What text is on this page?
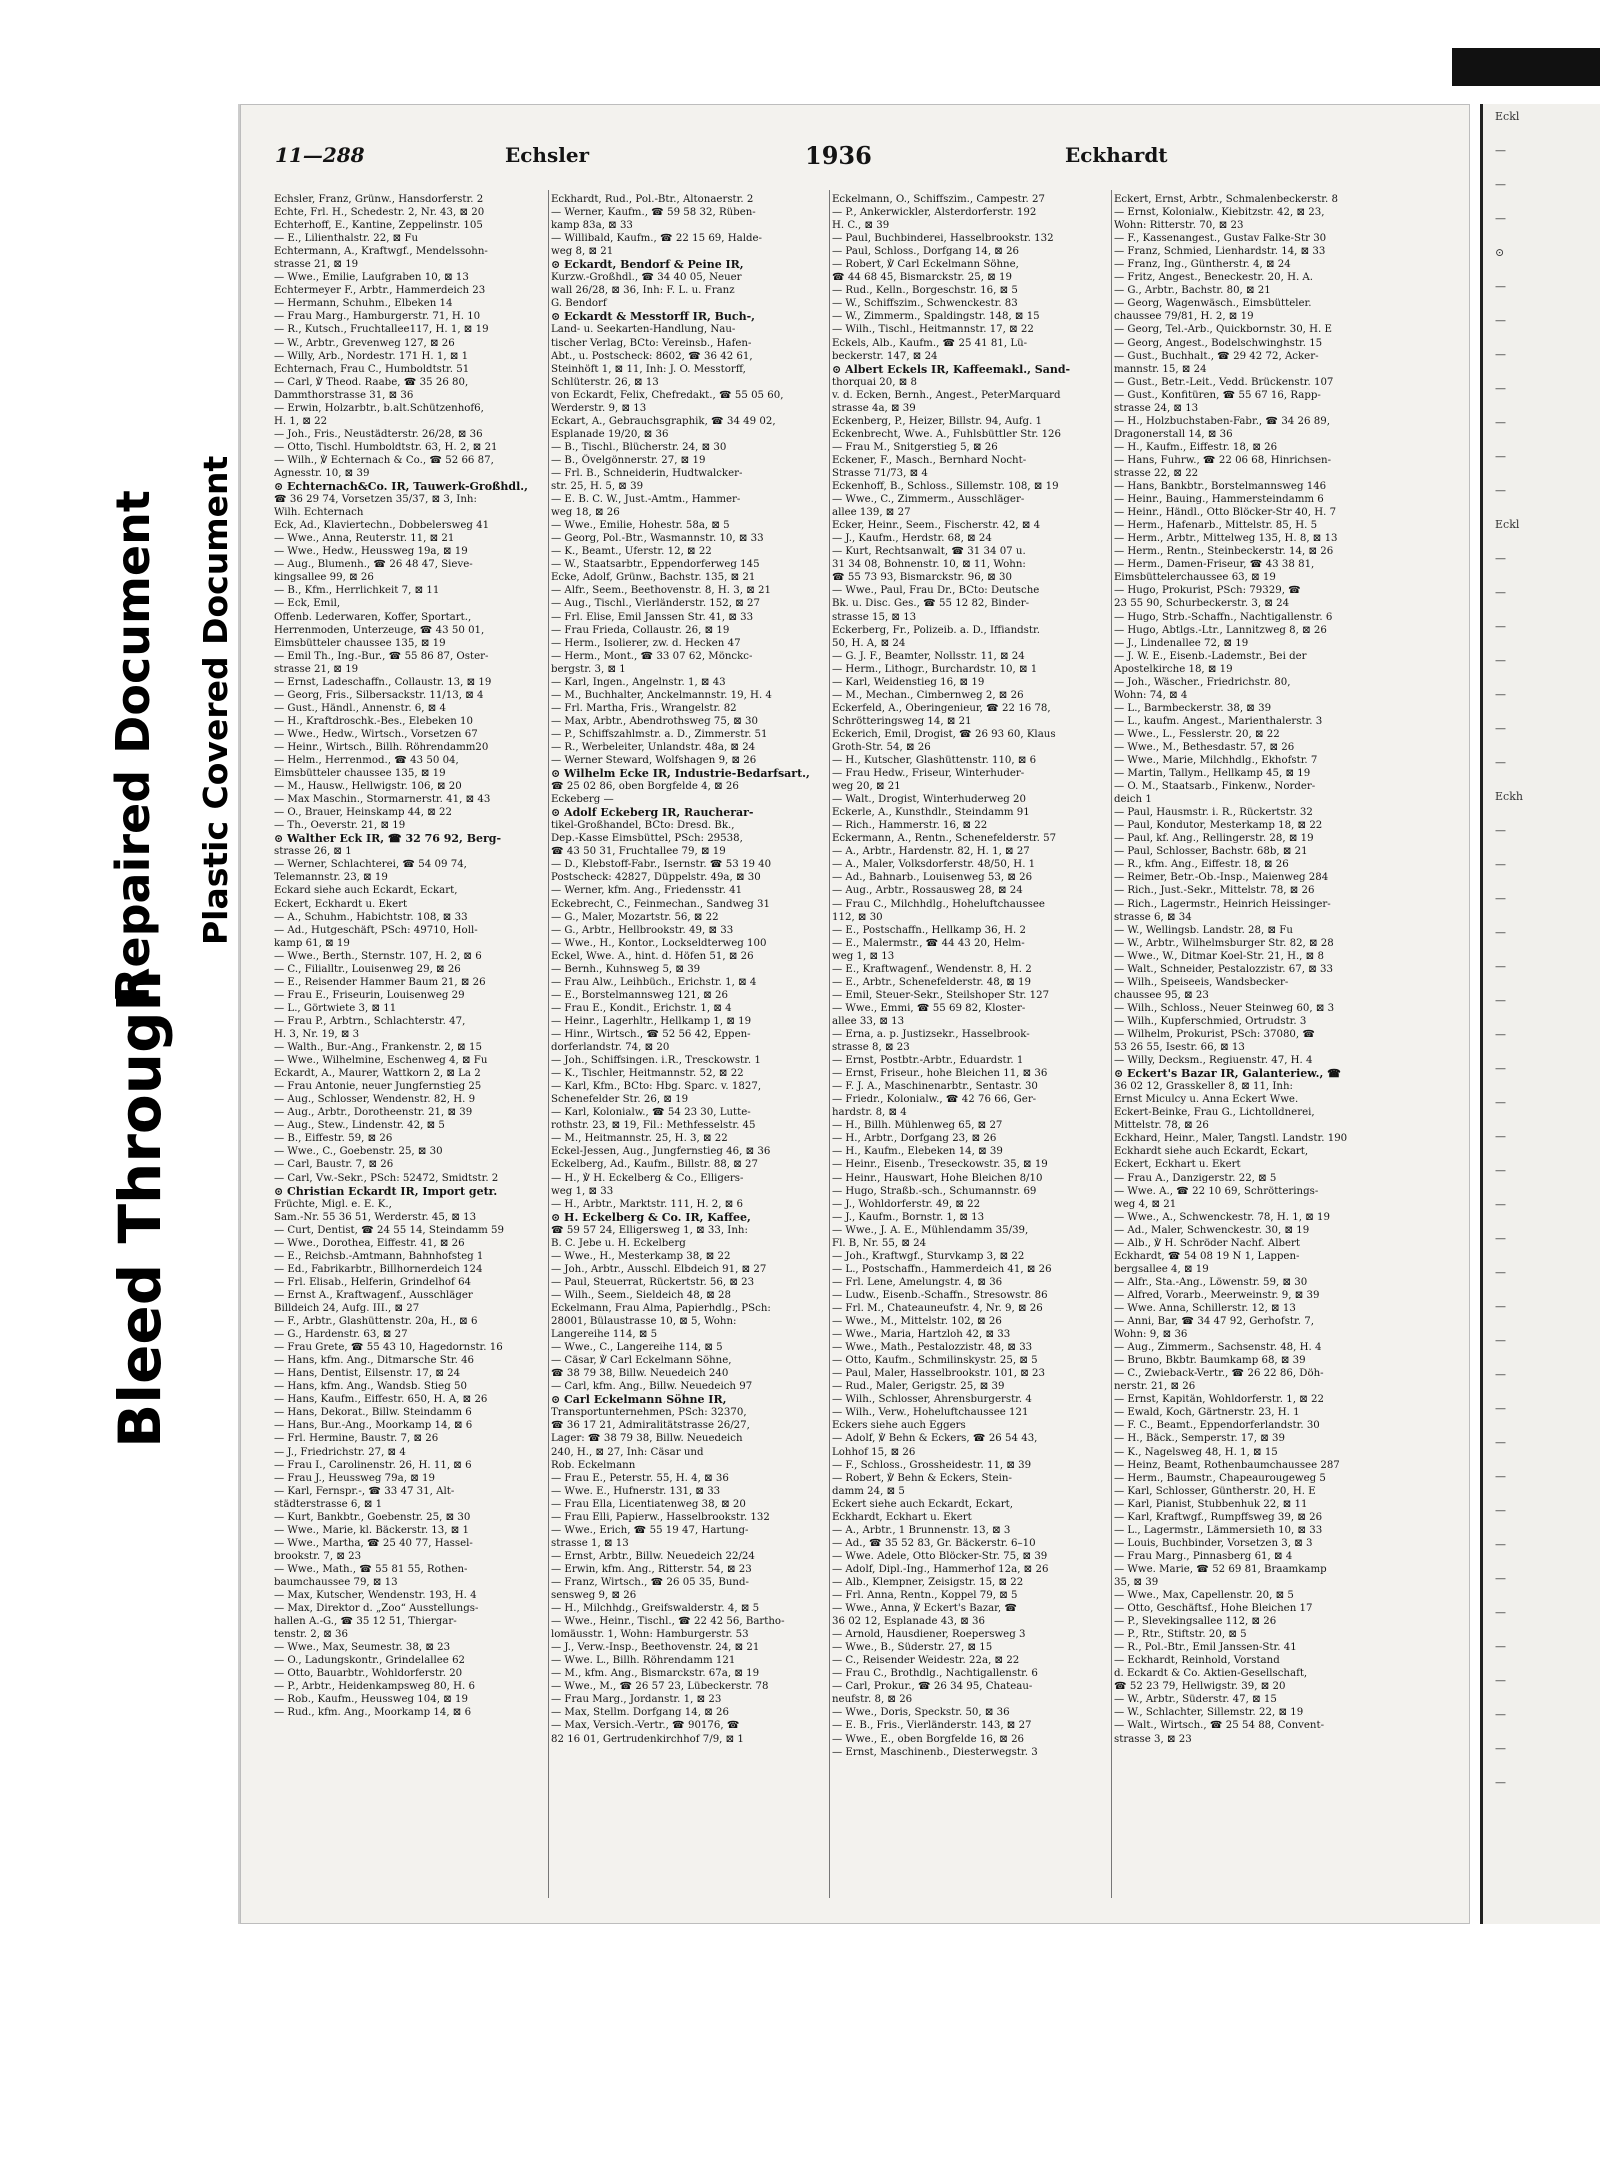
Eckl
—
—
—
⊙
—
—
—
—
—
—
—
Eckl
—
—
—
—
—
—
—
Eckh
—
—
—
—
—
—
—
—
—
—
—
—
—
—
—
—
—
—
—
—
—
—
—
—
—
—
—
—
—
Bleed Through
Repaired Document Plastic Covered Document
11—288	Echsler	1936	Eckhardt
Echsler, Franz, Grünw., Hansdorferstr. 2
Echte, Frl. H., Schedestr. 2, Nr. 43, ⊠ 20
Echterhoff, E., Kantine, Zeppelinstr. 105
— E., Lilienthalstr. 22, ⊠ Fu
Echtermann, A., Kraftwgf., Mendelssohn-
strasse 21, ⊠ 19
— Wwe., Emilie, Laufgraben 10, ⊠ 13
Echtermeyer F., Arbtr., Hammerdeich 23
— Hermann, Schuhm., Elbeken 14
— Frau Marg., Hamburgerstr. 71, H. 10
— R., Kutsch., Fruchtallee117, H. 1, ⊠ 19
— W., Arbtr., Grevenweg 127, ⊠ 26
— Willy, Arb., Nordestr. 171 H. 1, ⊠ 1
Echternach, Frau C., Humboldtstr. 51
— Carl, ℣ Theod. Raabe, ☎ 35 26 80,
Dammthorstrasse 31, ⊠ 36
— Erwin, Holzarbtr., b.alt.Schützenhof6,
H. 1, ⊠ 22
— Joh., Fris., Neustädterstr. 26/28, ⊠ 36
— Otto, Tischl. Humboldtstr. 63, H. 2, ⊠ 21
— Wilh., ℣ Echternach & Co., ☎ 52 66 87,
Agnesstr. 10, ⊠ 39
⊙ Echternach&Co. IR, Tauwerk-Großhdl.,
☎ 36 29 74, Vorsetzen 35/37, ⊠ 3, Inh:
Wilh. Echternach
Eck, Ad., Klaviertechn., Dobbelersweg 41
— Wwe., Anna, Reuterstr. 11, ⊠ 21
— Wwe., Hedw., Heussweg 19a, ⊠ 19
— Aug., Blumenh., ☎ 26 48 47, Sieve-
kingsallee 99, ⊠ 26
— B., Kfm., Herrlichkeit 7, ⊠ 11
— Eck, Emil,
Offenb. Lederwaren, Koffer, Sportart.,
Herrenmoden, Unterzeuge, ☎ 43 50 01,
Eimsbütteler chaussee 135, ⊠ 19
— Emil Th., Ing.-Bur., ☎ 55 86 87, Oster-
strasse 21, ⊠ 19
— Ernst, Ladeschaffn., Collaustr. 13, ⊠ 19
— Georg, Fris., Silbersackstr. 11/13, ⊠ 4
— Gust., Händl., Annenstr. 6, ⊠ 4
— H., Kraftdroschk.-Bes., Elebeken 10
— Wwe., Hedw., Wirtsch., Vorsetzen 67
— Heinr., Wirtsch., Billh. Röhrendamm20
— Helm., Herrenmod., ☎ 43 50 04,
Eimsbütteler chaussee 135, ⊠ 19
— M., Hausw., Hellwigstr. 106, ⊠ 20
— Max Maschin., Stormarnerstr. 41, ⊠ 43
— O., Brauer, Heinskamp 44, ⊠ 22
— Th., Oeverstr. 21, ⊠ 19
⊙ Walther Eck IR, ☎ 32 76 92, Berg-
strasse 26, ⊠ 1
— Werner, Schlachterei, ☎ 54 09 74,
Telemannstr. 23, ⊠ 19
Eckard siehe auch Eckardt, Eckart,
Eckert, Eckhardt u. Ekert
— A., Schuhm., Habichtstr. 108, ⊠ 33
— Ad., Hutgeschäft, PSch: 49710, Holl-
kamp 61, ⊠ 19
— Wwe., Berth., Sternstr. 107, H. 2, ⊠ 6
— C., Filialltr., Louisenweg 29, ⊠ 26
— E., Reisender Hammer Baum 21, ⊠ 26
— Frau E., Friseurin, Louisenweg 29
— L., Görtwiete 3, ⊠ 11
— Frau P., Arbtrn., Schlachterstr. 47,
H. 3, Nr. 19, ⊠ 3
— Walth., Bur.-Ang., Frankenstr. 2, ⊠ 15
— Wwe., Wilhelmine, Eschenweg 4, ⊠ Fu
Eckardt, A., Maurer, Wattkorn 2, ⊠ La 2
— Frau Antonie, neuer Jungfernstieg 25
— Aug., Schlosser, Wendenstr. 82, H. 9
— Aug., Arbtr., Dorotheenstr. 21, ⊠ 39
— Aug., Stew., Lindenstr. 42, ⊠ 5
— B., Eiffestr. 59, ⊠ 26
— Wwe., C., Goebenstr. 25, ⊠ 30
— Carl, Baustr. 7, ⊠ 26
— Carl, Vw.-Sekr., PSch: 52472, Smidtstr. 2
⊙ Christian Eckardt IR, Import getr.
Früchte, Migl. e. E. K.,
Sam.-Nr. 55 36 51, Werderstr. 45, ⊠ 13
— Curt, Dentist, ☎ 24 55 14, Steindamm 59
— Wwe., Dorothea, Eiffestr. 41, ⊠ 26
— E., Reichsb.-Amtmann, Bahnhofsteg 1
— Ed., Fabrikarbtr., Billhornerdeich 124
— Frl. Elisab., Helferin, Grindelhof 64
— Ernst A., Kraftwagenf., Ausschläger
Billdeich 24, Aufg. III., ⊠ 27
— F., Arbtr., Glashüttenstr. 20a, H., ⊠ 6
— G., Hardenstr. 63, ⊠ 27
— Frau Grete, ☎ 55 43 10, Hagedornstr. 16
— Hans, kfm. Ang., Ditmarsche Str. 46
— Hans, Dentist, Eilsenstr. 17, ⊠ 24
— Hans, kfm. Ang., Wandsb. Stieg 50
— Hans, Kaufm., Eiffestr. 650, H. A, ⊠ 26
— Hans, Dekorat., Billw. Steindamm 6
— Hans, Bur.-Ang., Moorkamp 14, ⊠ 6
— Frl. Hermine, Baustr. 7, ⊠ 26
— J., Friedrichstr. 27, ⊠ 4
— Frau I., Carolinenstr. 26, H. 11, ⊠ 6
— Frau J., Heussweg 79a, ⊠ 19
— Karl, Fernspr.-, ☎ 33 47 31, Alt-
städterstrasse 6, ⊠ 1
— Kurt, Bankbtr., Goebenstr. 25, ⊠ 30
— Wwe., Marie, kl. Bäckerstr. 13, ⊠ 1
— Wwe., Martha, ☎ 25 40 77, Hassel-
brookstr. 7, ⊠ 23
— Wwe., Math., ☎ 55 81 55, Rothen-
baumchaussee 79, ⊠ 13
— Max, Kutscher, Wendenstr. 193, H. 4
— Max, Direktor d. „Zoo“ Ausstellungs-
hallen A.-G., ☎ 35 12 51, Thiergar-
tenstr. 2, ⊠ 36
— Wwe., Max, Seumestr. 38, ⊠ 23
— O., Ladungskontr., Grindelallee 62
— Otto, Bauarbtr., Wohldorferstr. 20
— P., Arbtr., Heidenkampsweg 80, H. 6
— Rob., Kaufm., Heussweg 104, ⊠ 19
— Rud., kfm. Ang., Moorkamp 14, ⊠ 6
Eckhardt, Rud., Pol.-Btr., Altonaerstr. 2
— Werner, Kaufm., ☎ 59 58 32, Rüben-
kamp 83a, ⊠ 33
— Willibald, Kaufm., ☎ 22 15 69, Halde-
weg 8, ⊠ 21
⊙ Eckardt, Bendorf & Peine IR,
Kurzw.-Großhdl., ☎ 34 40 05, Neuer
wall 26/28, ⊠ 36, Inh: F. L. u. Franz
G. Bendorf
⊙ Eckardt & Messtorff IR, Buch-,
Land- u. Seekarten-Handlung, Nau-
tischer Verlag, BCto: Vereinsb., Hafen-
Abt., u. Postscheck: 8602, ☎ 36 42 61,
Steinhöft 1, ⊠ 11, Inh: J. O. Messtorff,
Schlüterstr. 26, ⊠ 13
von Eckardt, Felix, Chefredakt., ☎ 55 05 60,
Werderstr. 9, ⊠ 13
Eckart, A., Gebrauchsgraphik, ☎ 34 49 02,
Esplanade 19/20, ⊠ 36
— B., Tischl., Blücherstr. 24, ⊠ 30
— B., Övelgönnerstr. 27, ⊠ 19
— Frl. B., Schneiderin, Hudtwalcker-
str. 25, H. 5, ⊠ 39
— E. B. C. W., Just.-Amtm., Hammer-
weg 18, ⊠ 26
— Wwe., Emilie, Hohestr. 58a, ⊠ 5
— Georg, Pol.-Btr., Wasmannstr. 10, ⊠ 33
— K., Beamt., Uferstr. 12, ⊠ 22
— W., Staatsarbtr., Eppendorferweg 145
Ecke, Adolf, Grünw., Bachstr. 135, ⊠ 21
— Alfr., Seem., Beethovenstr. 8, H. 3, ⊠ 21
— Aug., Tischl., Vierländerstr. 152, ⊠ 27
— Frl. Elise, Emil Janssen Str. 41, ⊠ 33
— Frau Frieda, Collaustr. 26, ⊠ 19
— Herm., Isolierer, zw. d. Hecken 47
— Herm., Mont., ☎ 33 07 62, Mönckc-
bergstr. 3, ⊠ 1
— Karl, Ingen., Angelnstr. 1, ⊠ 43
— M., Buchhalter, Anckelmannstr. 19, H. 4
— Frl. Martha, Fris., Wrangelstr. 82
— Max, Arbtr., Abendrothsweg 75, ⊠ 30
— P., Schiffszahlmstr. a. D., Zimmerstr. 51
— R., Werbeleiter, Unlandstr. 48a, ⊠ 24
— Werner Steward, Wolfshagen 9, ⊠ 26
⊙ Wilhelm Ecke IR, Industrie-Bedarfsart.,
☎ 25 02 86, oben Borgfelde 4, ⊠ 26
Eckeberg —
⊙ Adolf Eckeberg IR, Raucherar-
tikel-Großhandel, BCto: Dresd. Bk.,
Dep.-Kasse Eimsbüttel, PSch: 29538,
☎ 43 50 31, Fruchtallee 79, ⊠ 19
— D., Klebstoff-Fabr., Isernstr. ☎ 53 19 40
Postscheck: 42827, Düppelstr. 49a, ⊠ 30
— Werner, kfm. Ang., Friedensstr. 41
Eckebrecht, C., Feinmechan., Sandweg 31
— G., Maler, Mozartstr. 56, ⊠ 22
— G., Arbtr., Hellbrookstr. 49, ⊠ 33
— Wwe., H., Kontor., Lockseldterweg 100
Eckel, Wwe. A., hint. d. Höfen 51, ⊠ 26
— Bernh., Kuhnsweg 5, ⊠ 39
— Frau Alw., Leihbüch., Erichstr. 1, ⊠ 4
— E., Borstelmannsweg 121, ⊠ 26
— Frau E., Kondit., Erichstr. 1, ⊠ 4
— Heinr., Lagerhltr., Hellkamp 1, ⊠ 19
— Hinr., Wirtsch., ☎ 52 56 42, Eppen-
dorferlandstr. 74, ⊠ 20
— Joh., Schiffsingen. i.R., Tresckowstr. 1
— K., Tischler, Heitmannstr. 52, ⊠ 22
— Karl, Kfm., BCto: Hbg. Sparc. v. 1827,
Schenefelder Str. 26, ⊠ 19
— Karl, Kolonialw., ☎ 54 23 30, Lutte-
rothstr. 23, ⊠ 19, Fil.: Methfesselstr. 45
— M., Heitmannstr. 25, H. 3, ⊠ 22
Eckel-Jessen, Aug., Jungfernstieg 46, ⊠ 36
Eckelberg, Ad., Kaufm., Billstr. 88, ⊠ 27
— H., ℣ H. Eckelberg & Co., Elligers-
weg 1, ⊠ 33
— H., Arbtr., Marktstr. 111, H. 2, ⊠ 6
⊙ H. Eckelberg & Co. IR, Kaffee,
☎ 59 57 24, Elligersweg 1, ⊠ 33, Inh:
B. C. Jebe u. H. Eckelberg
— Wwe., H., Mesterkamp 38, ⊠ 22
— Joh., Arbtr., Ausschl. Elbdeich 91, ⊠ 27
— Paul, Steuerrat, Rückertstr. 56, ⊠ 23
— Wilh., Seem., Sieldeich 48, ⊠ 28
Eckelmann, Frau Alma, Papierhdlg., PSch:
28001, Bülaustrasse 10, ⊠ 5, Wohn:
Langereihe 114, ⊠ 5
— Wwe., C., Langereihe 114, ⊠ 5
— Cäsar, ℣ Carl Eckelmann Söhne,
☎ 38 79 38, Billw. Neuedeich 240
— Carl, kfm. Ang., Billw. Neuedeich 97
⊙ Carl Eckelmann Söhne IR,
Transportunternehmen, PSch: 32370,
☎ 36 17 21, Admiralitätstrasse 26/27,
Lager: ☎ 38 79 38, Billw. Neuedeich
240, H., ⊠ 27, Inh: Cäsar und
Rob. Eckelmann
— Frau E., Peterstr. 55, H. 4, ⊠ 36
— Wwe. E., Hufnerstr. 131, ⊠ 33
— Frau Ella, Licentiatenweg 38, ⊠ 20
— Frau Elli, Papierw., Hasselbrookstr. 132
— Wwe., Erich, ☎ 55 19 47, Hartung-
strasse 1, ⊠ 13
— Ernst, Arbtr., Billw. Neuedeich 22/24
— Erwin, kfm. Ang., Ritterstr. 54, ⊠ 23
— Franz, Wirtsch., ☎ 26 05 35, Bund-
sensweg 9, ⊠ 26
— H., Milchhdg., Greifswalderstr. 4, ⊠ 5
— Wwe., Heinr., Tischl., ☎ 22 42 56, Bartho-
lomäusstr. 1, Wohn: Hamburgerstr. 53
— J., Verw.-Insp., Beethovenstr. 24, ⊠ 21
— Wwe. L., Billh. Röhrendamm 121
— M., kfm. Ang., Bismarckstr. 67a, ⊠ 19
— Wwe., M., ☎ 26 57 23, Lübeckerstr. 78
— Frau Marg., Jordanstr. 1, ⊠ 23
— Max, Stellm. Dorfgang 14, ⊠ 26
— Max, Versich.-Vertr., ☎ 90176, ☎
82 16 01, Gertrudenkirchhof 7/9, ⊠ 1
Eckelmann, O., Schiffszim., Campestr. 27
— P., Ankerwickler, Alsterdorferstr. 192
H. C., ⊠ 39
— Paul, Buchbinderei, Hasselbrookstr. 132
— Paul, Schloss., Dorfgang 14, ⊠ 26
— Robert, ℣ Carl Eckelmann Söhne,
☎ 44 68 45, Bismarckstr. 25, ⊠ 19
— Rud., Kelln., Borgeschstr. 16, ⊠ 5
— W., Schiffszim., Schwenckestr. 83
— W., Zimmerm., Spaldingstr. 148, ⊠ 15
— Wilh., Tischl., Heitmannstr. 17, ⊠ 22
Eckels, Alb., Kaufm., ☎ 25 41 81, Lü-
beckerstr. 147, ⊠ 24
⊙ Albert Eckels IR, Kaffeemakl., Sand-
thorquai 20, ⊠ 8
v. d. Ecken, Bernh., Angest., PeterMarquard
strasse 4a, ⊠ 39
Eckenberg, P., Heizer, Billstr. 94, Aufg. 1
Eckenbrecht, Wwe. A., Fuhlsbüttler Str. 126
— Frau M., Snitgerstieg 5, ⊠ 26
Eckener, F., Masch., Bernhard Nocht-
Strasse 71/73, ⊠ 4
Eckenhoff, B., Schloss., Sillemstr. 108, ⊠ 19
— Wwe., C., Zimmerm., Ausschläger-
allee 139, ⊠ 27
Ecker, Heinr., Seem., Fischerstr. 42, ⊠ 4
— J., Kaufm., Herdstr. 68, ⊠ 24
— Kurt, Rechtsanwalt, ☎ 31 34 07 u.
31 34 08, Bohnenstr. 10, ⊠ 11, Wohn:
☎ 55 73 93, Bismarckstr. 96, ⊠ 30
— Wwe., Paul, Frau Dr., BCto: Deutsche
Bk. u. Disc. Ges., ☎ 55 12 82, Binder-
strasse 15, ⊠ 13
Eckerberg, Fr., Polizeib. a. D., Iffiandstr.
50, H. A, ⊠ 24
— G. J. F., Beamter, Nollsstr. 11, ⊠ 24
— Herm., Lithogr., Burchardstr. 10, ⊠ 1
— Karl, Weidenstieg 16, ⊠ 19
— M., Mechan., Cimbernweg 2, ⊠ 26
Eckerfeld, A., Oberingenieur, ☎ 22 16 78,
Schrötteringsweg 14, ⊠ 21
Eckerich, Emil, Drogist, ☎ 26 93 60, Klaus
Groth-Str. 54, ⊠ 26
— H., Kutscher, Glashüttenstr. 110, ⊠ 6
— Frau Hedw., Friseur, Winterhuder-
weg 20, ⊠ 21
— Walt., Drogist, Winterhuderweg 20
Eckerle, A., Kunsthdlr., Steindamm 91
— Rich., Hammerstr. 16, ⊠ 22
Eckermann, A., Rentn., Schenefelderstr. 57
— A., Arbtr., Hardenstr. 82, H. 1, ⊠ 27
— A., Maler, Volksdorferstr. 48/50, H. 1
— Ad., Bahnarb., Louisenweg 53, ⊠ 26
— Aug., Arbtr., Rossausweg 28, ⊠ 24
— Frau C., Milchhdlg., Hoheluftchaussee
112, ⊠ 30
— E., Postschaffn., Hellkamp 36, H. 2
— E., Malermstr., ☎ 44 43 20, Helm-
weg 1, ⊠ 13
— E., Kraftwagenf., Wendenstr. 8, H. 2
— E., Arbtr., Schenefelderstr. 48, ⊠ 19
— Emil, Steuer-Sekr., Steilshoper Str. 127
— Wwe., Emmi, ☎ 55 69 82, Kloster-
allee 33, ⊠ 13
— Erna, a. p. Justizsekr., Hasselbrook-
strasse 8, ⊠ 23
— Ernst, Postbtr.-Arbtr., Eduardstr. 1
— Ernst, Friseur., hohe Bleichen 11, ⊠ 36
— F. J. A., Maschinenarbtr., Sentastr. 30
— Friedr., Kolonialw., ☎ 42 76 66, Ger-
hardstr. 8, ⊠ 4
— H., Billh. Mühlenweg 65, ⊠ 27
— H., Arbtr., Dorfgang 23, ⊠ 26
— H., Kaufm., Elebeken 14, ⊠ 39
— Heinr., Eisenb., Treseckowstr. 35, ⊠ 19
— Heinr., Hauswart, Hohe Bleichen 8/10
— Hugo, Straßb.-sch., Schumannstr. 69
— J., Wohldorferstr. 49, ⊠ 22
— J., Kaufm., Bornstr. 1, ⊠ 13
— Wwe., J. A. E., Mühlendamm 35/39,
Fl. B, Nr. 55, ⊠ 24
— Joh., Kraftwgf., Sturvkamp 3, ⊠ 22
— L., Postschaffn., Hammerdeich 41, ⊠ 26
— Frl. Lene, Amelungstr. 4, ⊠ 36
— Ludw., Eisenb.-Schaffn., Stresowstr. 86
— Frl. M., Chateauneufstr. 4, Nr. 9, ⊠ 26
— Wwe., M., Mittelstr. 102, ⊠ 26
— Wwe., Maria, Hartzloh 42, ⊠ 33
— Wwe., Math., Pestalozzistr. 48, ⊠ 33
— Otto, Kaufm., Schmilinskystr. 25, ⊠ 5
— Paul, Maler, Hasselbrookstr. 101, ⊠ 23
— Rud., Maler, Gerigstr. 25, ⊠ 39
— Wilh., Schlosser, Ahrensburgerstr. 4
— Wilh., Verw., Hoheluftchaussee 121
Eckers siehe auch Eggers
— Adolf, ℣ Behn & Eckers, ☎ 26 54 43,
Lohhof 15, ⊠ 26
— F., Schloss., Grossheidestr. 11, ⊠ 39
— Robert, ℣ Behn & Eckers, Stein-
damm 24, ⊠ 5
Eckert siehe auch Eckardt, Eckart,
Eckhardt, Eckhart u. Ekert
— A., Arbtr., 1 Brunnenstr. 13, ⊠ 3
— Ad., ☎ 35 52 83, Gr. Bäckerstr. 6–10
— Wwe. Adele, Otto Blöcker-Str. 75, ⊠ 39
— Adolf, Dipl.-Ing., Hammerhof 12a, ⊠ 26
— Alb., Klempner, Zeisigstr. 15, ⊠ 22
— Frl. Anna, Rentn., Koppel 79, ⊠ 5
— Wwe., Anna, ℣ Eckert's Bazar, ☎
36 02 12, Esplanade 43, ⊠ 36
— Arnold, Hausdiener, Roepersweg 3
— Wwe., B., Süderstr. 27, ⊠ 15
— C., Reisender Weidestr. 22a, ⊠ 22
— Frau C., Brothdlg., Nachtigallenstr. 6
— Carl, Prokur., ☎ 26 34 95, Chateau-
neufstr. 8, ⊠ 26
— Wwe., Doris, Speckstr. 50, ⊠ 36
— E. B., Fris., Vierländerstr. 143, ⊠ 27
— Wwe., E., oben Borgfelde 16, ⊠ 26
— Ernst, Maschinenb., Diesterwegstr. 3
Eckert, Ernst, Arbtr., Schmalenbeckerstr. 8
— Ernst, Kolonialw., Kiebitzstr. 42, ⊠ 23,
Wohn: Ritterstr. 70, ⊠ 23
— F., Kassenangest., Gustav Falke-Str 30
— Franz, Schmied, Lienhardstr. 14, ⊠ 33
— Franz, Ing., Güntherstr. 4, ⊠ 24
— Fritz, Angest., Beneckestr. 20, H. A.
— G., Arbtr., Bachstr. 80, ⊠ 21
— Georg, Wagenwäsch., Eimsbütteler.
chaussee 79/81, H. 2, ⊠ 19
— Georg, Tel.-Arb., Quickbornstr. 30, H. E
— Georg, Angest., Bodelschwinghstr. 15
— Gust., Buchhalt., ☎ 29 42 72, Acker-
mannstr. 15, ⊠ 24
— Gust., Betr.-Leit., Vedd. Brückenstr. 107
— Gust., Konfitüren, ☎ 55 67 16, Rapp-
strasse 24, ⊠ 13
— H., Holzbuchstaben-Fabr., ☎ 34 26 89,
Dragonerstall 14, ⊠ 36
— H., Kaufm., Eiffestr. 18, ⊠ 26
— Hans, Fuhrw., ☎ 22 06 68, Hinrichsen-
strasse 22, ⊠ 22
— Hans, Bankbtr., Borstelmannsweg 146
— Heinr., Bauing., Hammersteindamm 6
— Heinr., Händl., Otto Blöcker-Str 40, H. 7
— Herm., Hafenarb., Mittelstr. 85, H. 5
— Herm., Arbtr., Mittelweg 135, H. 8, ⊠ 13
— Herm., Rentn., Steinbeckerstr. 14, ⊠ 26
— Herm., Damen-Friseur, ☎ 43 38 81,
Eimsbüttelerchaussee 63, ⊠ 19
— Hugo, Prokurist, PSch: 79329, ☎
23 55 90, Schurbeckerstr. 3, ⊠ 24
— Hugo, Strb.-Schaffn., Nachtigallenstr. 6
— Hugo, Abtlgs.-Ltr., Lannitzweg 8, ⊠ 26
— J., Lindenallee 72, ⊠ 19
— J. W. E., Eisenb.-Lademstr., Bei der
Apostelkirche 18, ⊠ 19
— Joh., Wäscher., Friedrichstr. 80,
Wohn: 74, ⊠ 4
— L., Barmbeckerstr. 38, ⊠ 39
— L., kaufm. Angest., Marienthalerstr. 3
— Wwe., L., Fesslerstr. 20, ⊠ 22
— Wwe., M., Bethesdastr. 57, ⊠ 26
— Wwe., Marie, Milchhdlg., Ekhofstr. 7
— Martin, Tallym., Hellkamp 45, ⊠ 19
— O. M., Staatsarb., Finkenw., Norder-
deich 1
— Paul, Hausmstr. i. R., Rückertstr. 32
— Paul, Kondutor, Mesterkamp 18, ⊠ 22
— Paul, kf. Ang., Rellingerstr. 28, ⊠ 19
— Paul, Schlosser, Bachstr. 68b, ⊠ 21
— R., kfm. Ang., Eiffestr. 18, ⊠ 26
— Reimer, Betr.-Ob.-Insp., Maienweg 284
— Rich., Just.-Sekr., Mittelstr. 78, ⊠ 26
— Rich., Lagermstr., Heinrich Heissinger-
strasse 6, ⊠ 34
— W., Wellingsb. Landstr. 28, ⊠ Fu
— W., Arbtr., Wilhelmsburger Str. 82, ⊠ 28
— Wwe., W., Ditmar Koel-Str. 21, H., ⊠ 8
— Walt., Schneider, Pestalozzistr. 67, ⊠ 33
— Wilh., Speiseeis, Wandsbecker-
chaussee 95, ⊠ 23
— Wilh., Schloss., Neuer Steinweg 60, ⊠ 3
— Wilh., Kupferschmied, Ortrudstr. 3
— Wilhelm, Prokurist, PSch: 37080, ☎
53 26 55, Isestr. 66, ⊠ 13
— Willy, Decksm., Regiuenstr. 47, H. 4
⊙ Eckert's Bazar IR, Galanteriew., ☎
36 02 12, Grasskeller 8, ⊠ 11, Inh:
Ernst Miculcy u. Anna Eckert Wwe.
Eckert-Beinke, Frau G., Lichtolldnerei,
Mittelstr. 78, ⊠ 26
Eckhard, Heinr., Maler, Tangstl. Landstr. 190
Eckhardt siehe auch Eckardt, Eckart,
Eckert, Eckhart u. Ekert
— Frau A., Danzigerstr. 22, ⊠ 5
— Wwe. A., ☎ 22 10 69, Schrötterings-
weg 4, ⊠ 21
— Wwe., A., Schwenckestr. 78, H. 1, ⊠ 19
— Ad., Maler, Schwenckestr. 30, ⊠ 19
— Alb., ℣ H. Schröder Nachf. Albert
Eckhardt, ☎ 54 08 19 N 1, Lappen-
bergsallee 4, ⊠ 19
— Alfr., Sta.-Ang., Löwenstr. 59, ⊠ 30
— Alfred, Vorarb., Meerweinstr. 9, ⊠ 39
— Wwe. Anna, Schillerstr. 12, ⊠ 13
— Anni, Bar, ☎ 34 47 92, Gerhofstr. 7,
Wohn: 9, ⊠ 36
— Aug., Zimmerm., Sachsenstr. 48, H. 4
— Bruno, Bkbtr. Baumkamp 68, ⊠ 39
— C., Zwieback-Vertr., ☎ 26 22 86, Döh-
nerstr. 21, ⊠ 26
— Ernst, Kapitän, Wohldorferstr. 1, ⊠ 22
— Ewald, Koch, Gärtnerstr. 23, H. 1
— F. C., Beamt., Eppendorferlandstr. 30
— H., Bäck., Semperstr. 17, ⊠ 39
— K., Nagelsweg 48, H. 1, ⊠ 15
— Heinz, Beamt, Rothenbaumchaussee 287
— Herm., Baumstr., Chapeaurougeweg 5
— Karl, Schlosser, Güntherstr. 20, H. E
— Karl, Pianist, Stubbenhuk 22, ⊠ 11
— Karl, Kraftwgf., Rumpffsweg 39, ⊠ 26
— L., Lagermstr., Lämmersieth 10, ⊠ 33
— Louis, Buchbinder, Vorsetzen 3, ⊠ 3
— Frau Marg., Pinnasberg 61, ⊠ 4
— Wwe. Marie, ☎ 52 69 81, Braamkamp
35, ⊠ 39
— Wwe., Max, Capellenstr. 20, ⊠ 5
— Otto, Geschäftsf., Hohe Bleichen 17
— P., Slevekingsallee 112, ⊠ 26
— P., Rtr., Stiftstr. 20, ⊠ 5
— R., Pol.-Btr., Emil Janssen-Str. 41
— Eckhardt, Reinhold, Vorstand
d. Eckardt & Co. Aktien-Gesellschaft,
☎ 52 23 79, Hellwigstr. 39, ⊠ 20
— W., Arbtr., Süderstr. 47, ⊠ 15
— W., Schlachter, Sillemstr. 22, ⊠ 19
— Walt., Wirtsch., ☎ 25 54 88, Convent-
strasse 3, ⊠ 23
